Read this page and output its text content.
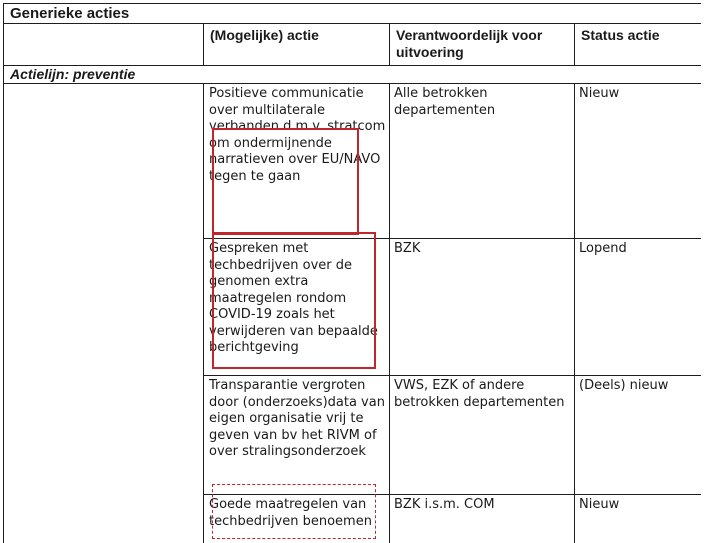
Generieke acties			

	(Mogelijke) actie	Verantwoordelijk voor uitvoering	Status actie

Actielijn: preventie			
	Positieve communicatie over multilaterale verbanden d.m.v. stratcom om ondermijnende narratieven over EU/NAVO tegen te gaan	Alle betrokken departementen	Nieuw
	Gespreken met techbedrijven over de genomen extra maatregelen rondom COVID-19 zoals het verwijderen van bepaalde berichtgeving	BZK	Lopend
	Transparantie vergroten door (onderzoeks)data van eigen organisatie vrij te geven van bv het RIVM of over stralingsonderzoek	VWS, EZK of andere betrokken departementen	(Deels) nieuw
	Goede maatregelen van techbedrijven benoemen	BZK i.s.m. COM	Nieuw
